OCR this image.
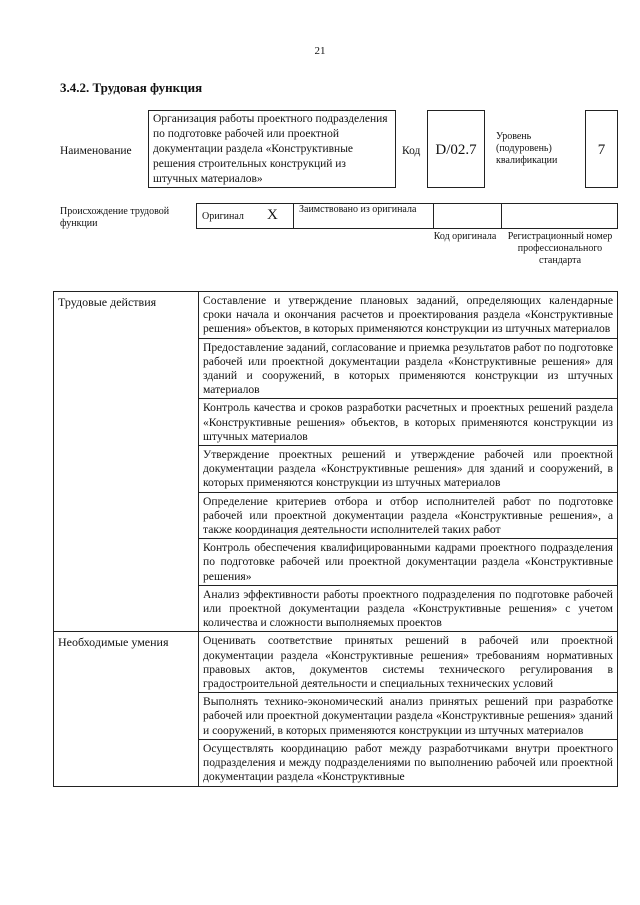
21
3.4.2. Трудовая функция
Наименование
Организация работы проектного подразделения по подготовке рабочей или проектной документации раздела «Конструктивные решения строительных конструкций из штучных материалов»
Код	D/02.7
Уровень (подуровень) квалификации
7
Происхождение трудовой функции
Оригинал X Заимствовано из оригинала
Код оригинала	Регистрационный номер профессионального стандарта
Трудовые действия	Составление и утверждение плановых заданий, определяющих календарные сроки начала и окончания расчетов и проектирования раздела «Конструктивные решения» объектов, в которых применяются конструкции из штучных материалов
Предоставление заданий, согласование и приемка результатов работ по подготовке рабочей или проектной документации раздела «Конструктивные решения» для зданий и сооружений, в которых применяются конструкции из штучных материалов
Контроль качества и сроков разработки расчетных и проектных решений раздела «Конструктивные решения» объектов, в которых применяются конструкции из штучных материалов
Утверждение проектных решений и утверждение рабочей или проектной документации раздела «Конструктивные решения» для зданий и сооружений, в которых применяются конструкции из штучных материалов
Определение критериев отбора и отбор исполнителей работ по подготовке рабочей или проектной документации раздела «Конструктивные решения», а также координация деятельности исполнителей таких работ
Контроль обеспечения квалифицированными кадрами проектного подразделения по подготовке рабочей или проектной документации раздела «Конструктивные решения»
Анализ эффективности работы проектного подразделения по подготовке рабочей или проектной документации раздела «Конструктивные решения» с учетом количества и сложности выполняемых проектов
Необходимые умения	Оценивать соответствие принятых решений в рабочей или проектной документации раздела «Конструктивные решения» требованиям нормативных правовых актов, документов системы технического регулирования в градостроительной деятельности и специальных технических условий
Выполнять технико-экономический анализ принятых решений при разработке рабочей или проектной документации раздела «Конструктивные решения» зданий и сооружений, в которых применяются конструкции из штучных материалов
Осуществлять координацию работ между разработчиками внутри проектного подразделения и между подразделениями по выполнению рабочей или проектной документации раздела «Конструктивные
